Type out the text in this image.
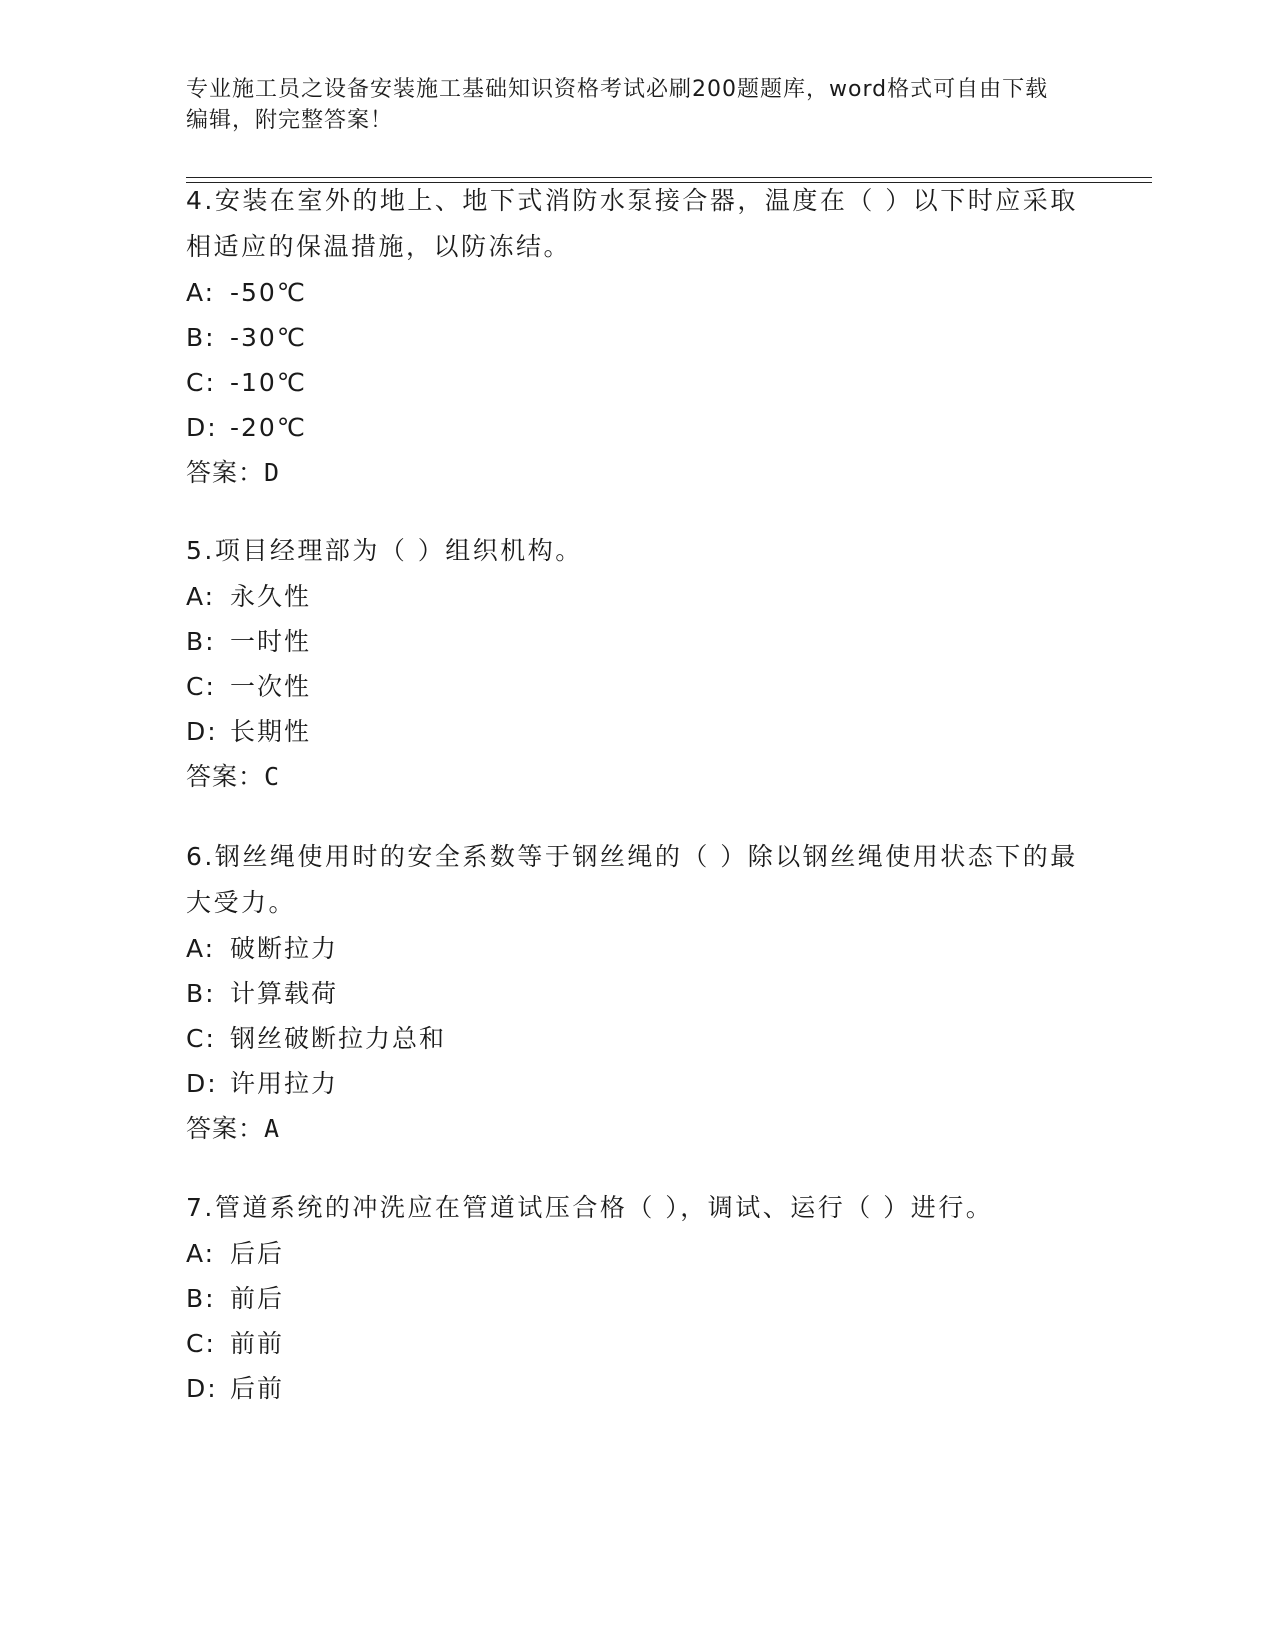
专业施工员之设备安装施工基础知识资格考试必刷200题题库，word格式可自由下载编辑，附完整答案！

4.安装在室外的地上、地下式消防水泵接合器，温度在（ ）以下时应采取相适应的保温措施，以防冻结。

A: -50℃

B: -30℃

C: -10℃

D: -20℃

答案：D

5.项目经理部为（ ）组织机构。

A: 永久性

B: 一时性

C: 一次性

D: 长期性

答案：C

6.钢丝绳使用时的安全系数等于钢丝绳的（ ）除以钢丝绳使用状态下的最大受力。

A: 破断拉力

B: 计算载荷

C: 钢丝破断拉力总和

D: 许用拉力

答案：A

7.管道系统的冲洗应在管道试压合格（ ），调试、运行（ ）进行。

A: 后后

B: 前后

C: 前前

D: 后前
